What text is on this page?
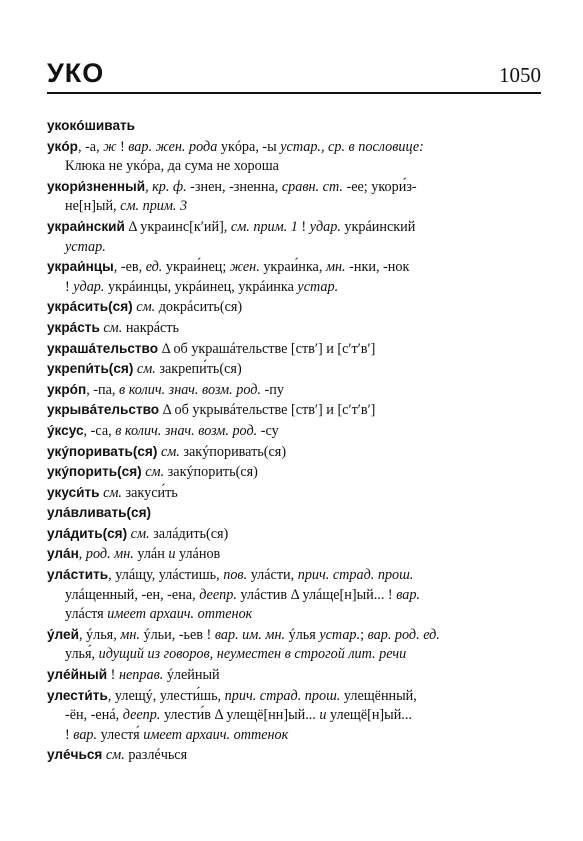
УКО	1050
укокóшивать
укóр, -а, ж ! вар. жен. рода укóра, -ы устар., ср. в пословице:
Клюка не укóра, да сума не хороша
укори́зненный, кр. ф. -знен, -зненна, сравн. ст. -ее; укори́з-
не[н]ый, см. прим. 3
украи́нский Δ украинс[кʹий], см. прим. 1 ! удар. укрáинский
устар.
украи́нцы, -ев, ед. украи́нец; жен. украи́нка, мн. -нки, -нок
! удар. укрáинцы, укрáинец, укрáинка устар.
укрáсить(ся) см. докрáсить(ся)
укрáсть см. накрáсть
украшáтельство Δ об украшáтельстве [ствʹ] и [сʹтʹвʹ]
укрепи́ть(ся) см. закрепи́ть(ся)
укрóп, -па, в колич. знач. возм. род. -пу
укрывáтельство Δ об укрывáтельстве [ствʹ] и [сʹтʹвʹ]
ýксус, -са, в колич. знач. возм. род. -су
укýпоривать(ся) см. закýпоривать(ся)
укýпорить(ся) см. закýпорить(ся)
укуси́ть см. закуси́ть
улáвливать(ся)
улáдить(ся) см. залáдить(ся)
улáн, род. мн. улáн и улáнов
улáстить, улáщу, улáстишь, пов. улáсти, прич. страд. прош.
улáщенный, -ен, -ена, деепр. улáстив Δ улáще[н]ый... ! вар.
улáстя имеет архаич. оттенок
ýлей, ýлья, мн. ýльи, -ьев ! вар. им. мн. ýлья устар.; вар. род. ед.
улья́, идущий из говоров, неуместен в строгой лит. речи
улéйный ! неправ. ýлейный
улести́ть, улещý, улести́шь, прич. страд. прош. улещённый,
-ён, -енá, деепр. улести́в Δ улещё[нн]ый... и улещё[н]ый...
! вар. улестя́ имеет архаич. оттенок
улéчься см. разлéчься
